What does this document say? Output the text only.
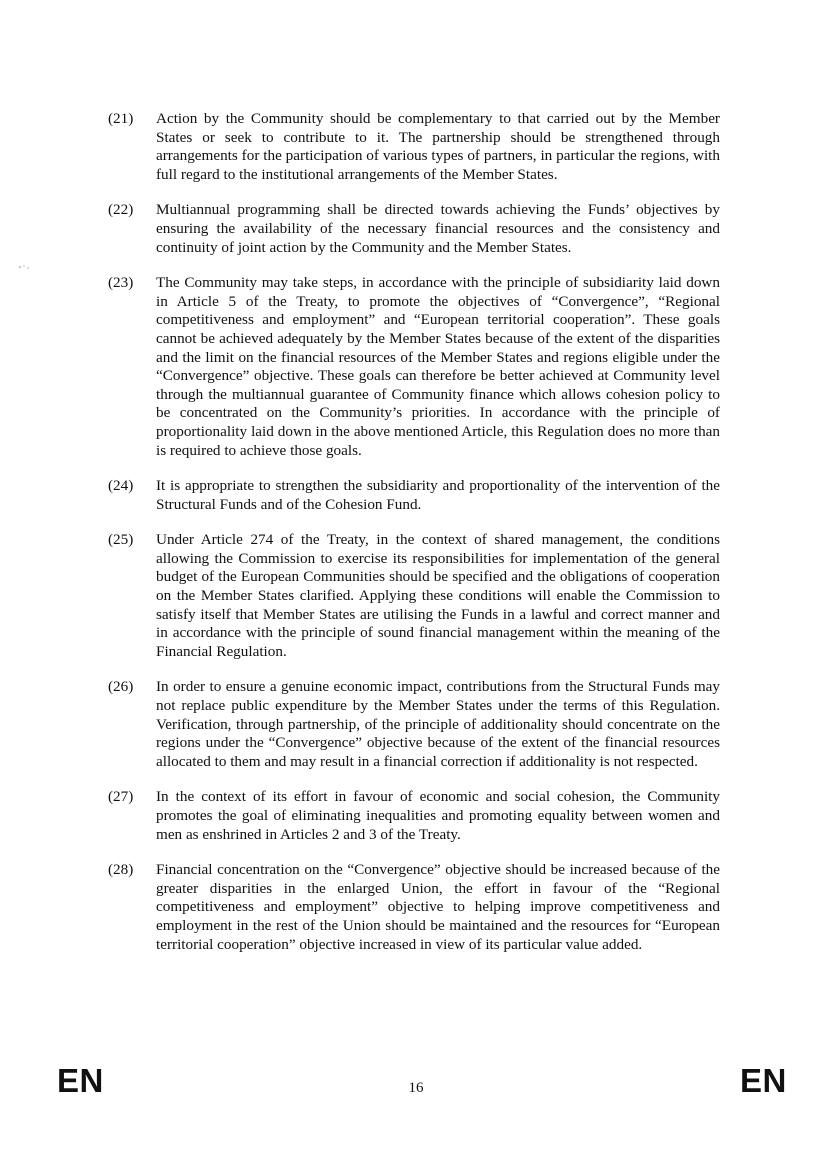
(21)	Action by the Community should be complementary to that carried out by the Member States or seek to contribute to it. The partnership should be strengthened through arrangements for the participation of various types of partners, in particular the regions, with full regard to the institutional arrangements of the Member States.
(22)	Multiannual programming shall be directed towards achieving the Funds’ objectives by ensuring the availability of the necessary financial resources and the consistency and continuity of joint action by the Community and the Member States.
(23)	The Community may take steps, in accordance with the principle of subsidiarity laid down in Article 5 of the Treaty, to promote the objectives of “Convergence”, “Regional competitiveness and employment” and “European territorial cooperation”. These goals cannot be achieved adequately by the Member States because of the extent of the disparities and the limit on the financial resources of the Member States and regions eligible under the “Convergence” objective. These goals can therefore be better achieved at Community level through the multiannual guarantee of Community finance which allows cohesion policy to be concentrated on the Community’s priorities. In accordance with the principle of proportionality laid down in the above mentioned Article, this Regulation does no more than is required to achieve those goals.
(24)	It is appropriate to strengthen the subsidiarity and proportionality of the intervention of the Structural Funds and of the Cohesion Fund.
(25)	Under Article 274 of the Treaty, in the context of shared management, the conditions allowing the Commission to exercise its responsibilities for implementation of the general budget of the European Communities should be specified and the obligations of cooperation on the Member States clarified. Applying these conditions will enable the Commission to satisfy itself that Member States are utilising the Funds in a lawful and correct manner and in accordance with the principle of sound financial management within the meaning of the Financial Regulation.
(26)	In order to ensure a genuine economic impact, contributions from the Structural Funds may not replace public expenditure by the Member States under the terms of this Regulation. Verification, through partnership, of the principle of additionality should concentrate on the regions under the “Convergence” objective because of the extent of the financial resources allocated to them and may result in a financial correction if additionality is not respected.
(27)	In the context of its effort in favour of economic and social cohesion, the Community promotes the goal of eliminating inequalities and promoting equality between women and men as enshrined in Articles 2 and 3 of the Treaty.
(28)	Financial concentration on the “Convergence” objective should be increased because of the greater disparities in the enlarged Union, the effort in favour of the “Regional competitiveness and employment” objective to helping improve competitiveness and employment in the rest of the Union should be maintained and the resources for “European territorial cooperation” objective increased in view of its particular value added.
EN	16	EN
